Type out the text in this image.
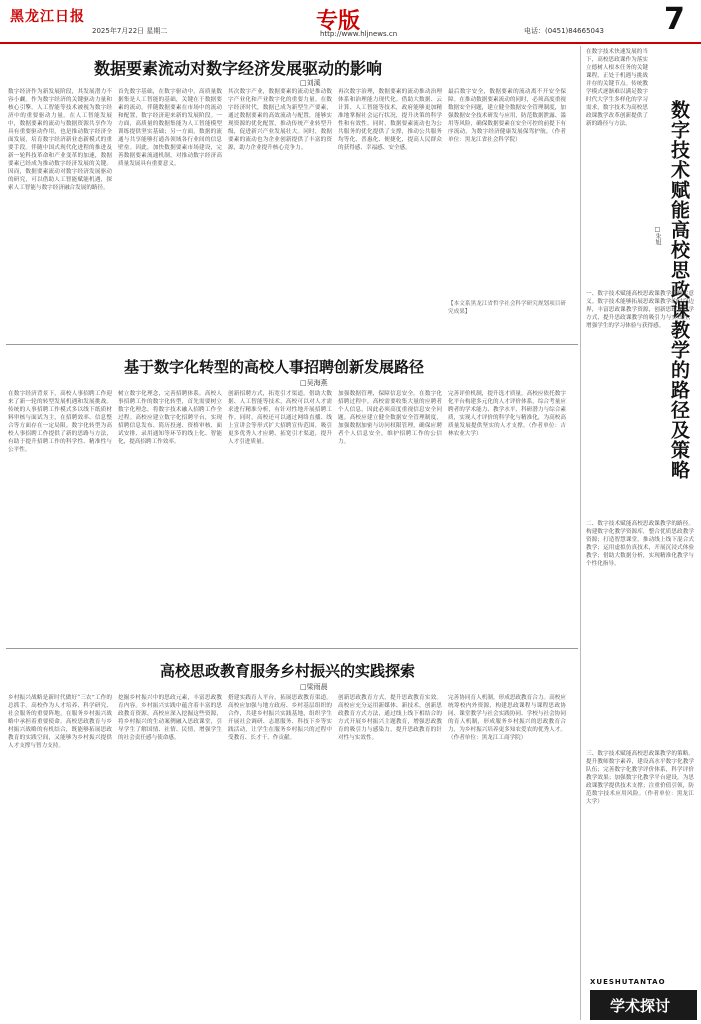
黑龙江日报
2025年7月22日 星期二	专版
http://www.hljnews.cn	电话：(0451)84665043 7
数据要素流动对数字经济发展驱动的影响
□刘溪
数字经济作为新发展阶段，其发展潜力不容小觑。作为数字经济的关键驱动力量和核心引擎，人工智能等技术被视为数字经济中的重要驱动力量。在人工智能发展中，数据要素的流动与数据资源共享作为具有重要驱动作用，也是推动数字经济全面发展，培育数字经济新业态新模式的重要手段。伴随中国式现代化进程的推进及新一轮科技革命和产业变革的加速，数据要素已经成为推动数字经济发展的关键。因而，数据要素流动对数字经济发展驱动的研究，可以借助人工智能赋能机遇，探索人工智能与数字经济融合发展的路径。
首先数字基础，在数字驱动中，高质量数据集是人工智能的基础，关键在于数据要素的流动。伴随数据要素在市场中的流动和配置，数字经济迎来新的发展阶段。一方面，高质量的数据集能为人工智能模型训练提供坚实基础；另一方面，数据的流通与共享能够打通各领域各行业间的信息壁垒。因此，加快数据要素市场建设，完善数据要素流通机制，对推动数字经济高质量发展具有重要意义。
其次数字产业，数据要素的流动是推动数字产业化和产业数字化的重要力量。在数字经济时代，数据已成为新型生产要素，通过数据要素的高效流动与配置，能够实现资源的优化配置，推动传统产业转型升级，促进新兴产业发展壮大。同时，数据要素的流动也为企业创新提供了丰富的资源，助力企业提升核心竞争力。
再次数字治理，数据要素的流动推动治理体系和治理能力现代化。借助大数据、云计算、人工智能等技术，政府能够更加精准地掌握社会运行状况，提升决策的科学性和有效性。同时，数据要素流动也为公共服务的优化提供了支撑，推动公共服务均等化、普惠化、便捷化，提高人民群众的获得感、幸福感、安全感。
最后数字安全，数据要素的流动离不开安全保障。在推动数据要素流动的同时，必须高度重视数据安全问题，建立健全数据安全管理制度，加强数据安全技术研发与应用，防范数据泄露、滥用等风险，确保数据要素在安全可控的前提下有序流动，为数字经济健康发展保驾护航。（作者单位：黑龙江省社会科学院）
【本文系黑龙江省哲学社会科学研究规划项目研究成果】
基于数字化转型的高校人事招聘创新发展路径
□吴海燕
在数字经济背景下，高校人事招聘工作迎来了新一轮的转型发展机遇和发展挑战。传统的人事招聘工作模式多以线下纸质材料审核与面试为主，在招聘效率、信息整合等方面存在一定局限。数字化转型为高校人事招聘工作提供了新的思路与方法，有助于提升招聘工作的科学性、精准性与公平性。
树立数字化理念，完善招聘体系。高校人事招聘工作的数字化转型，首先需要树立数字化理念，将数字技术融入招聘工作全过程。高校应建立数字化招聘平台，实现招聘信息发布、简历投递、资格审核、面试安排、录用通知等环节的线上化、智能化，提高招聘工作效率。
创新招聘方式，拓宽引才渠道。借助大数据、人工智能等技术，高校可以对人才需求进行精准分析，有针对性地开展招聘工作。同时，高校还可以通过网络直播、线上宣讲会等形式扩大招聘宣传范围，吸引更多优秀人才应聘，拓宽引才渠道，提升人才引进质量。
加强数据管理，保障信息安全。在数字化招聘过程中，高校需要收集大量的应聘者个人信息，因此必须高度重视信息安全问题。高校应建立健全数据安全管理制度，加强数据加密与访问权限管理，确保应聘者个人信息安全，维护招聘工作的公信力。
完善评价机制，提升选才质量。高校应依托数字化平台构建多元化的人才评价体系，综合考量应聘者的学术能力、教学水平、科研潜力与综合素质，实现人才评价的科学化与精准化，为高校高质量发展提供坚实的人才支撑。（作者单位：吉林农业大学）
高校思政教育服务乡村振兴的实践探索
□梁雨晨
乡村振兴战略是新时代做好“三农”工作的总抓手。高校作为人才培养、科学研究、社会服务的重要阵地，在服务乡村振兴战略中承担着重要使命。高校思政教育与乡村振兴战略的有机结合，既能够拓展思政教育的实践空间，又能够为乡村振兴提供人才支撑与智力支持。
挖掘乡村振兴中的思政元素，丰富思政教育内容。乡村振兴实践中蕴含着丰富的思政教育资源，高校应深入挖掘这些资源，将乡村振兴的生动案例融入思政课堂，引导学生了解国情、社情、民情，增强学生的社会责任感与使命感。
搭建实践育人平台，拓展思政教育渠道。高校应加强与地方政府、乡村基层组织的合作，共建乡村振兴实践基地，组织学生开展社会调研、志愿服务、科技下乡等实践活动，让学生在服务乡村振兴的过程中受教育、长才干、作贡献。
创新思政教育方式，提升思政教育实效。高校应充分运用新媒体、新技术，创新思政教育方式方法，通过线上线下相结合的方式开展乡村振兴主题教育，增强思政教育的吸引力与感染力，提升思政教育的针对性与实效性。
完善协同育人机制，形成思政教育合力。高校应统筹校内外资源，构建思政课程与课程思政协同、课堂教学与社会实践协同、学校与社会协同的育人机制，形成服务乡村振兴的思政教育合力，为乡村振兴培养更多知农爱农的优秀人才。（作者单位：黑龙江工商学院）
数字技术赋能高校思政课教学的路径及策略
□朱旭
在数字技术快速发展的当下，高校思政课作为落实立德树人根本任务的关键课程，正处于机遇与挑战并存的关键节点。传统教学模式逐渐难以满足数字时代大学生多样化的学习需求，数字技术为高校思政课教学改革创新提供了新的路径与方法。
一、数字技术赋能高校思政课教学的现实意义。数字技术能够拓展思政课教学的时空边界，丰富思政课教学资源，创新思政课教学方式，提升思政课教学的吸引力与实效性，增强学生的学习体验与获得感。
二、数字技术赋能高校思政课教学的路径。构建数字化教学资源库，整合优质思政教学资源；打造智慧课堂，推动线上线下混合式教学；运用虚拟仿真技术，开展沉浸式体验教学；借助大数据分析，实现精准化教学与个性化指导。
三、数字技术赋能高校思政课教学的策略。提升教师数字素养，建设高水平数字化教学队伍；完善数字化教学评价体系，科学评价教学效果；加强数字化教学平台建设，为思政课教学提供技术支撑；注重价值引领，防范数字技术应用风险。（作者单位：黑龙江大学）
XUESHUTANTAO
学术探讨
